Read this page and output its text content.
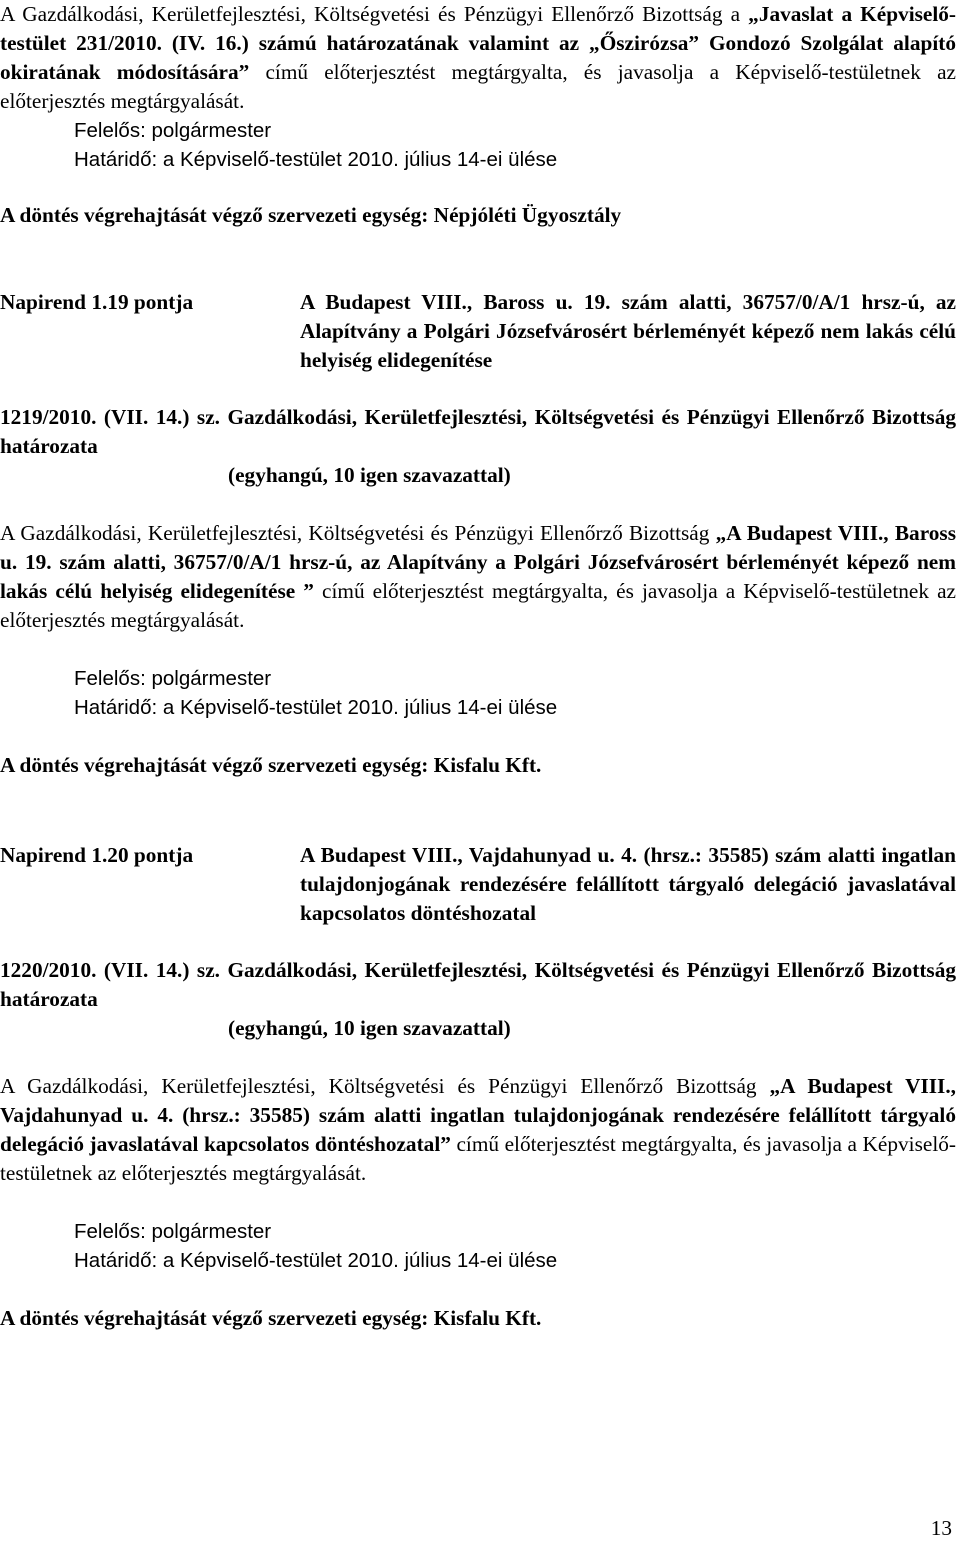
A Gazdálkodási, Kerületfejlesztési, Költségvetési és Pénzügyi Ellenőrző Bizottság a „Javaslat a Képviselő-testület 231/2010. (IV. 16.) számú határozatának valamint az „Őszirózsa” Gondozó Szolgálat alapító okiratának módosítására” című előterjesztést megtárgyalta, és javasolja a Képviselő-testületnek az előterjesztés megtárgyalását.

Felelős: polgármester

Határidő: a Képviselő-testület 2010. július 14-ei ülése

A döntés végrehajtását végző szervezeti egység: Népjóléti Ügyosztály

Napirend 1.19 pontja	A Budapest VIII., Baross u. 19. szám alatti, 36757/0/A/1 hrsz-ú, az Alapítvány a Polgári Józsefvárosért bérleményét képező nem lakás célú helyiség elidegenítése

1219/2010. (VII. 14.) sz. Gazdálkodási, Kerületfejlesztési, Költségvetési és Pénzügyi Ellenőrző Bizottság határozata

(egyhangú, 10 igen szavazattal)

A Gazdálkodási, Kerületfejlesztési, Költségvetési és Pénzügyi Ellenőrző Bizottság „A Budapest VIII., Baross u. 19. szám alatti, 36757/0/A/1 hrsz-ú, az Alapítvány a Polgári Józsefvárosért bérleményét képező nem lakás célú helyiség elidegenítése ” című előterjesztést megtárgyalta, és javasolja a Képviselő-testületnek az előterjesztés megtárgyalását.

Felelős: polgármester

Határidő: a Képviselő-testület 2010. július 14-ei ülése

A döntés végrehajtását végző szervezeti egység: Kisfalu Kft.

Napirend 1.20 pontja	A Budapest VIII., Vajdahunyad u. 4. (hrsz.: 35585) szám alatti ingatlan tulajdonjogának rendezésére felállított tárgyaló delegáció javaslatával kapcsolatos döntéshozatal

1220/2010. (VII. 14.) sz. Gazdálkodási, Kerületfejlesztési, Költségvetési és Pénzügyi Ellenőrző Bizottság határozata

(egyhangú, 10 igen szavazattal)

A Gazdálkodási, Kerületfejlesztési, Költségvetési és Pénzügyi Ellenőrző Bizottság „A Budapest VIII., Vajdahunyad u. 4. (hrsz.: 35585) szám alatti ingatlan tulajdonjogának rendezésére felállított tárgyaló delegáció javaslatával kapcsolatos döntéshozatal” című előterjesztést megtárgyalta, és javasolja a Képviselő-testületnek az előterjesztés megtárgyalását.

Felelős: polgármester

Határidő: a Képviselő-testület 2010. július 14-ei ülése

A döntés végrehajtását végző szervezeti egység: Kisfalu Kft.

13
